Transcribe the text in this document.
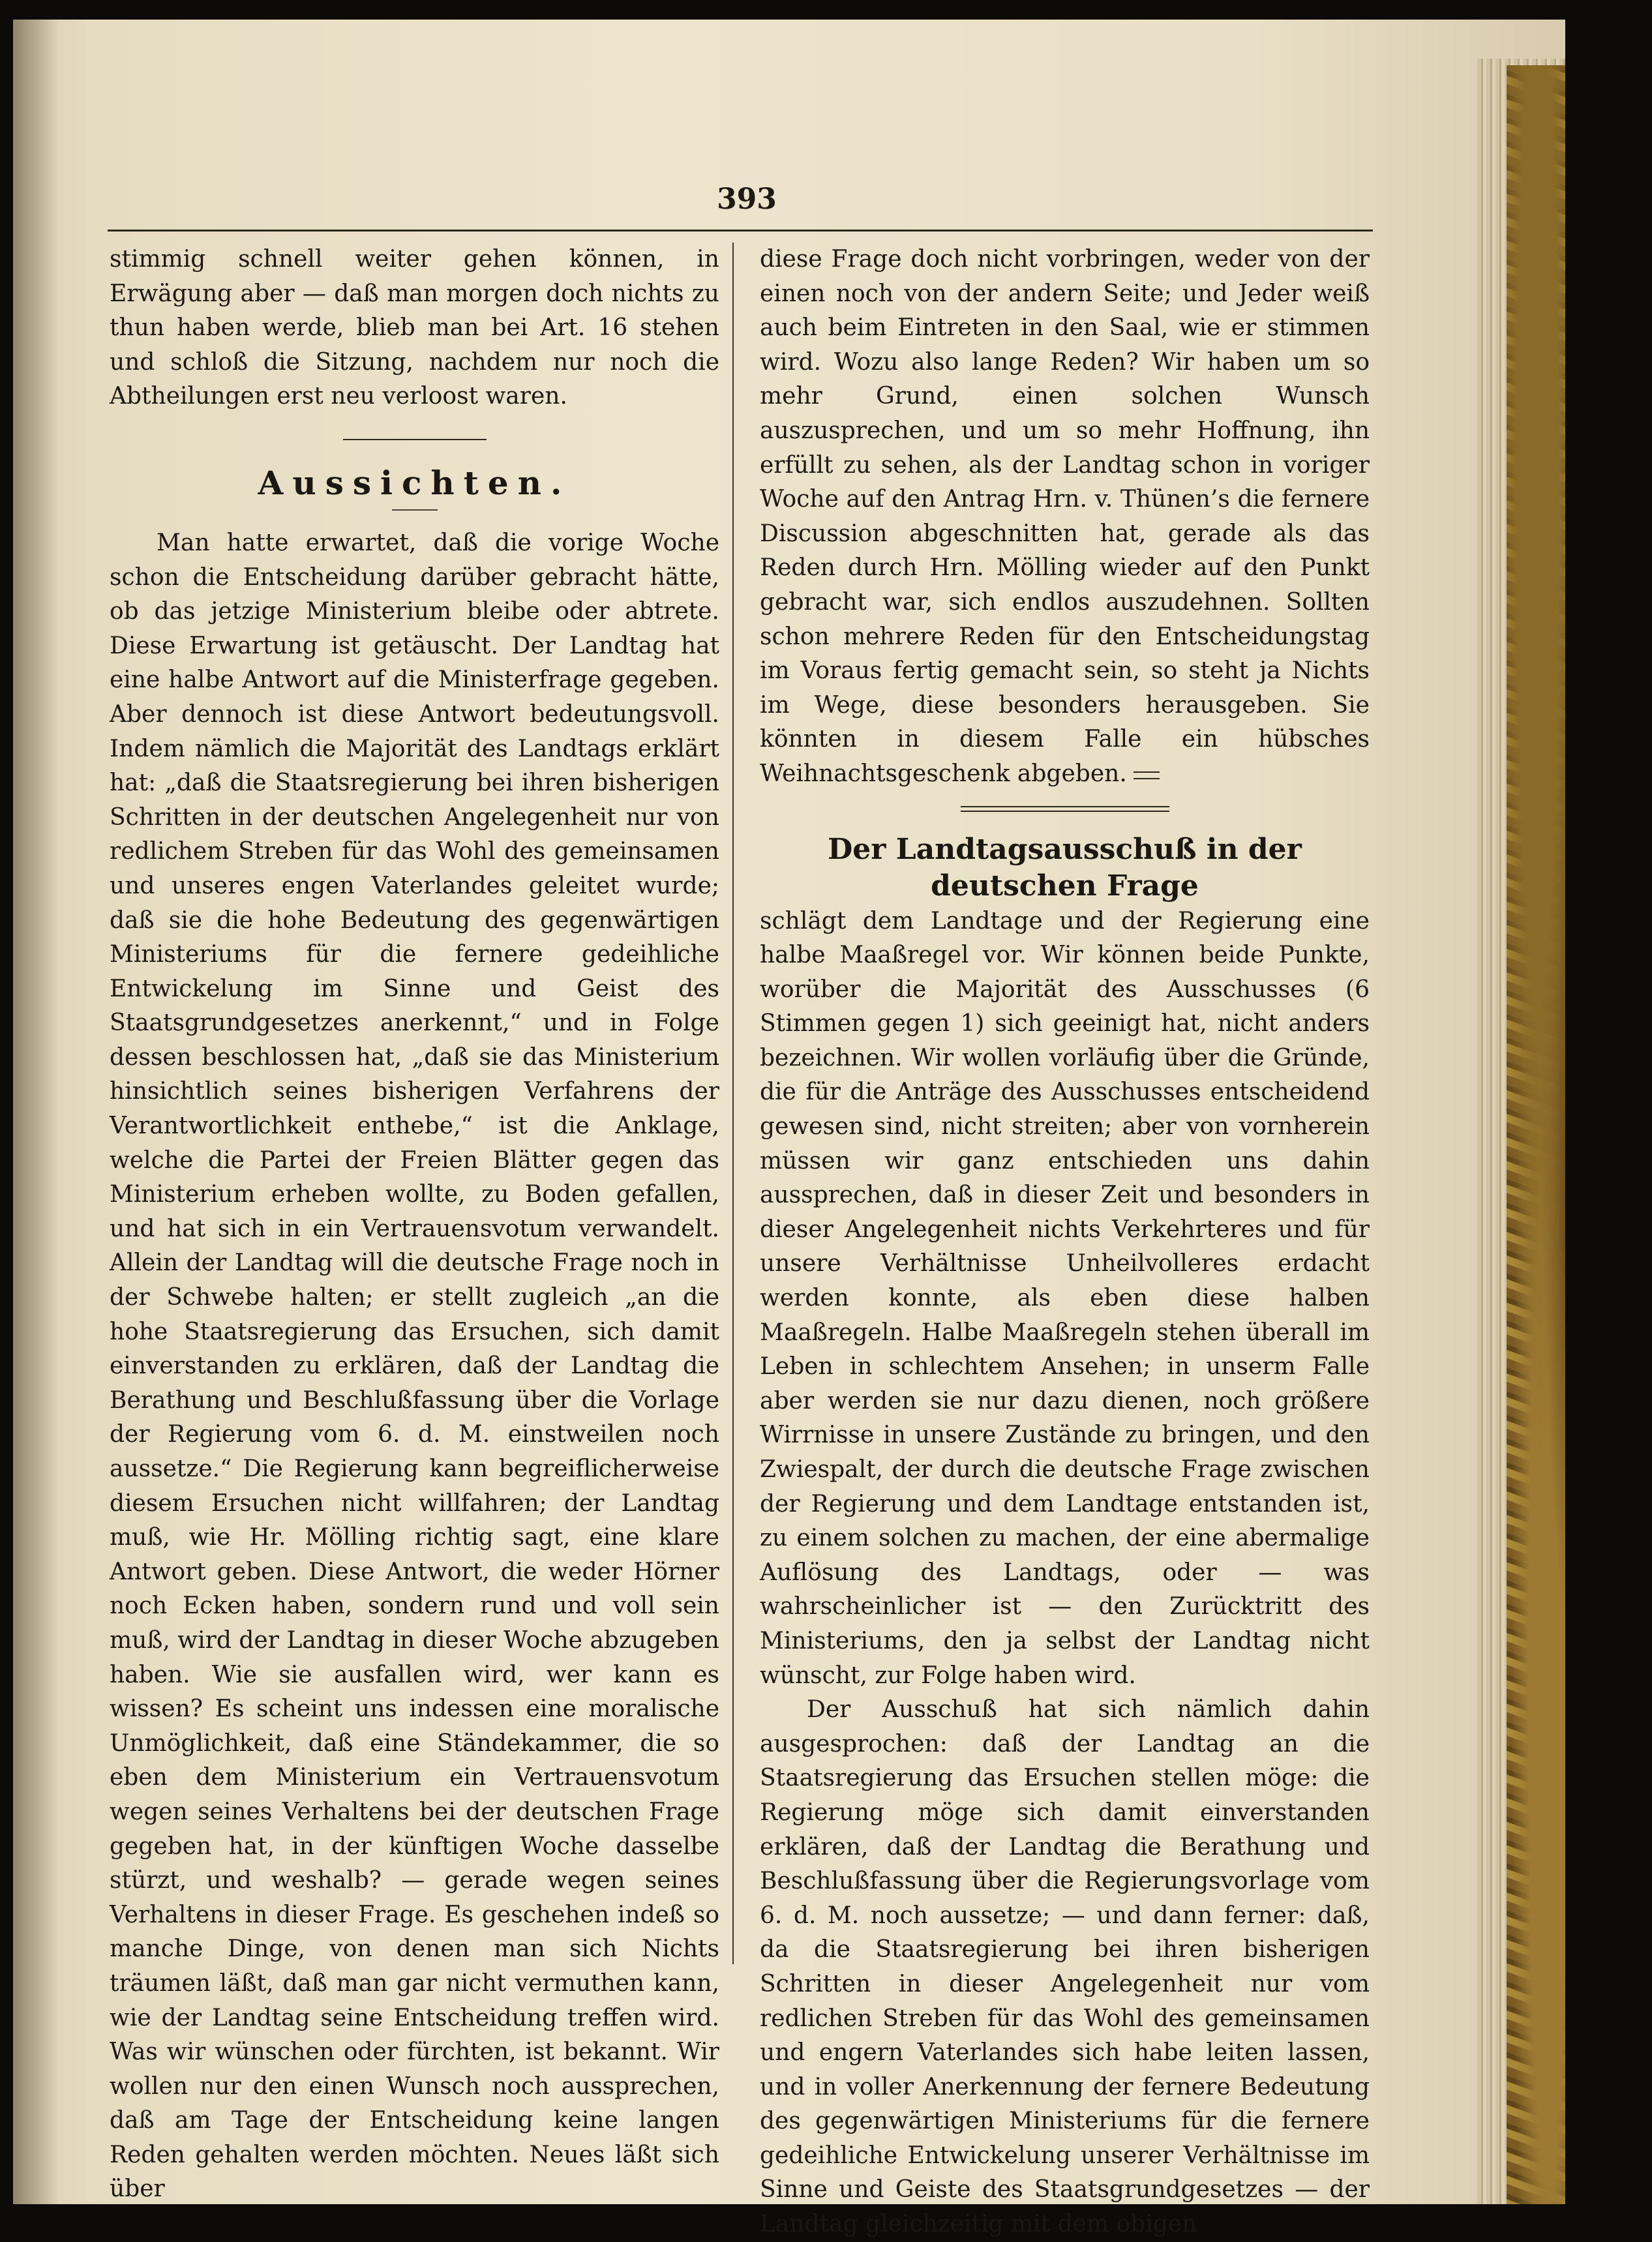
393

stimmig schnell weiter gehen können, in Erwägung aber — daß man morgen doch nichts zu thun haben werde, blieb man bei Art. 16 stehen und schloß die Sitzung, nachdem nur noch die Abtheilungen erst neu verloost waren.

Aussichten.

Man hatte erwartet, daß die vorige Woche schon die Entscheidung darüber gebracht hätte, ob das jetzige Ministerium bleibe oder abtrete. Diese Erwartung ist getäuscht. Der Landtag hat eine halbe Antwort auf die Ministerfrage gegeben. Aber dennoch ist diese Antwort bedeutungsvoll. Indem nämlich die Majorität des Landtags erklärt hat: „daß die Staatsregierung bei ihren bisherigen Schritten in der deutschen Angelegenheit nur von redlichem Streben für das Wohl des gemeinsamen und unseres engen Vaterlandes geleitet wurde; daß sie die hohe Bedeutung des gegenwärtigen Ministeriums für die fernere gedeihliche Entwickelung im Sinne und Geist des Staatsgrundgesetzes anerkennt,“ und in Folge dessen beschlossen hat, „daß sie das Ministerium hinsichtlich seines bisherigen Verfahrens der Verantwortlichkeit enthebe,“ ist die Anklage, welche die Partei der Freien Blätter gegen das Ministerium erheben wollte, zu Boden gefallen, und hat sich in ein Vertrauensvotum verwandelt. Allein der Landtag will die deutsche Frage noch in der Schwebe halten; er stellt zugleich „an die hohe Staatsregierung das Ersuchen, sich damit einverstanden zu erklären, daß der Landtag die Berathung und Beschlußfassung über die Vorlage der Regierung vom 6. d. M. einstweilen noch aussetze.“ Die Regierung kann begreiflicherweise diesem Ersuchen nicht willfahren; der Landtag muß, wie Hr. Mölling richtig sagt, eine klare Antwort geben. Diese Antwort, die weder Hörner noch Ecken haben, sondern rund und voll sein muß, wird der Landtag in dieser Woche abzugeben haben. Wie sie ausfallen wird, wer kann es wissen? Es scheint uns indessen eine moralische Unmöglichkeit, daß eine Ständekammer, die so eben dem Ministerium ein Vertrauensvotum wegen seines Verhaltens bei der deutschen Frage gegeben hat, in der künftigen Woche dasselbe stürzt, und weshalb? — gerade wegen seines Verhaltens in dieser Frage. Es geschehen indeß so manche Dinge, von denen man sich Nichts träumen läßt, daß man gar nicht vermuthen kann, wie der Landtag seine Entscheidung treffen wird. Was wir wünschen oder fürchten, ist bekannt. Wir wollen nur den einen Wunsch noch aussprechen, daß am Tage der Entscheidung keine langen Reden gehalten werden möchten. Neues läßt sich über

diese Frage doch nicht vorbringen, weder von der einen noch von der andern Seite; und Jeder weiß auch beim Eintreten in den Saal, wie er stimmen wird. Wozu also lange Reden? Wir haben um so mehr Grund, einen solchen Wunsch auszusprechen, und um so mehr Hoffnung, ihn erfüllt zu sehen, als der Landtag schon in voriger Woche auf den Antrag Hrn. v. Thünen’s die fernere Discussion abgeschnitten hat, gerade als das Reden durch Hrn. Mölling wieder auf den Punkt gebracht war, sich endlos auszudehnen. Sollten schon mehrere Reden für den Entscheidungstag im Voraus fertig gemacht sein, so steht ja Nichts im Wege, diese besonders herausgeben. Sie könnten in diesem Falle ein hübsches Weihnachtsgeschenk abgeben.

Der Landtagsausschuß in der deutschen Frage

schlägt dem Landtage und der Regierung eine halbe Maaßregel vor. Wir können beide Punkte, worüber die Majorität des Ausschusses (6 Stimmen gegen 1) sich geeinigt hat, nicht anders bezeichnen. Wir wollen vorläufig über die Gründe, die für die Anträge des Ausschusses entscheidend gewesen sind, nicht streiten; aber von vornherein müssen wir ganz entschieden uns dahin aussprechen, daß in dieser Zeit und besonders in dieser Angelegenheit nichts Verkehrteres und für unsere Verhältnisse Unheilvolleres erdacht werden konnte, als eben diese halben Maaßregeln. Halbe Maaßregeln stehen überall im Leben in schlechtem Ansehen; in unserm Falle aber werden sie nur dazu dienen, noch größere Wirrnisse in unsere Zustände zu bringen, und den Zwiespalt, der durch die deutsche Frage zwischen der Regierung und dem Landtage entstanden ist, zu einem solchen zu machen, der eine abermalige Auflösung des Landtags, oder — was wahrscheinlicher ist — den Zurücktritt des Ministeriums, den ja selbst der Landtag nicht wünscht, zur Folge haben wird.

Der Ausschuß hat sich nämlich dahin ausgesprochen: daß der Landtag an die Staatsregierung das Ersuchen stellen möge: die Regierung möge sich damit einverstanden erklären, daß der Landtag die Berathung und Beschlußfassung über die Regierungsvorlage vom 6. d. M. noch aussetze; — und dann ferner: daß, da die Staatsregierung bei ihren bisherigen Schritten in dieser Angelegenheit nur vom redlichen Streben für das Wohl des gemeinsamen und engern Vaterlandes sich habe leiten lassen, und in voller Anerkennung der fernere Bedeutung des gegenwärtigen Ministeriums für die fernere gedeihliche Entwickelung unserer Verhältnisse im Sinne und Geiste des Staatsgrundgesetzes — der Landtag gleichzeitig mit dem obigen
